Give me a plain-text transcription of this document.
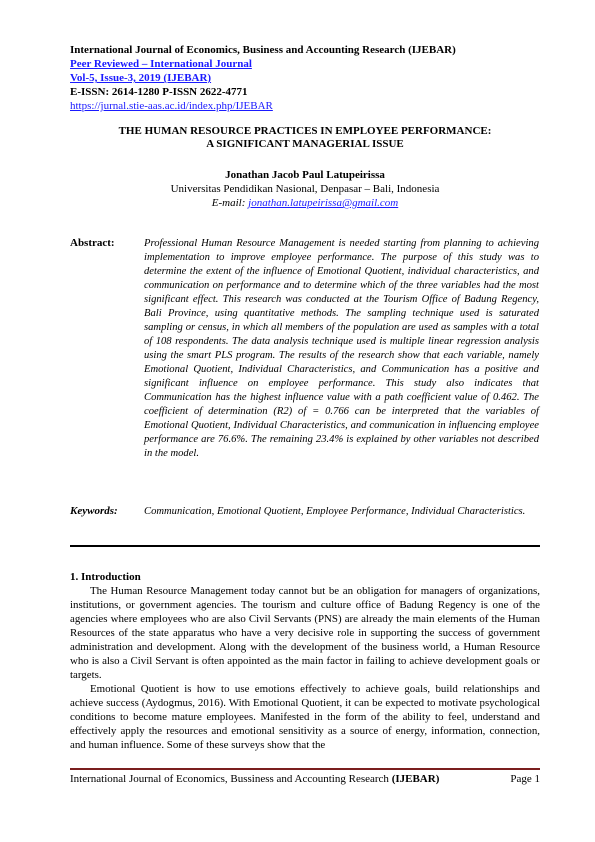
International Journal of Economics, Business and Accounting Research (IJEBAR)
Peer Reviewed – International Journal
Vol-5, Issue-3, 2019 (IJEBAR)
E-ISSN: 2614-1280 P-ISSN 2622-4771
https://jurnal.stie-aas.ac.id/index.php/IJEBAR
THE HUMAN RESOURCE PRACTICES IN EMPLOYEE PERFORMANCE:
A SIGNIFICANT MANAGERIAL ISSUE
Jonathan Jacob Paul Latupeirissa
Universitas Pendidikan Nasional, Denpasar – Bali, Indonesia
E-mail: jonathan.latupeirissa@gmail.com
Abstract:	Professional Human Resource Management is needed starting from planning to achieving implementation to improve employee performance. The purpose of this study was to determine the extent of the influence of Emotional Quotient, individual characteristics, and communication on performance and to determine which of the three variables had the most significant effect. This research was conducted at the Tourism Office of Badung Regency, Bali Province, using quantitative methods. The sampling technique used is saturated sampling or census, in which all members of the population are used as samples with a total of 108 respondents. The data analysis technique used is multiple linear regression analysis using the smart PLS program. The results of the research show that each variable, namely Emotional Quotient, Individual Characteristics, and Communication has a positive and significant influence on employee performance. This study also indicates that Communication has the highest influence value with a path coefficient value of 0.462. The coefficient of determination (R2) of = 0.766 can be interpreted that the variables of Emotional Quotient, Individual Characteristics, and communication in influencing employee performance are 76.6%. The remaining 23.4% is explained by other variables not described in the model.
Keywords: Communication, Emotional Quotient, Employee Performance, Individual Characteristics.
1. Introduction

The Human Resource Management today cannot but be an obligation for managers of organizations, institutions, or government agencies. The tourism and culture office of Badung Regency is one of the agencies where employees who are also Civil Servants (PNS) are already the main elements of the Human Resources of the state apparatus who have a very decisive role in supporting the success of government administration and development. Along with the development of the business world, a Human Resource who is also a Civil Servant is often appointed as the main factor in failing to achieve development goals or targets.

Emotional Quotient is how to use emotions effectively to achieve goals, build relationships and achieve success (Aydogmus, 2016). With Emotional Quotient, it can be expected to motivate psychological conditions to become mature employees. Manifested in the form of the ability to feel, understand and effectively apply the resources and emotional sensitivity as a source of energy, information, connection, and human influence. Some of these surveys show that the

International Journal of Economics, Bussiness and Accounting Research (IJEBAR)	Page 1
